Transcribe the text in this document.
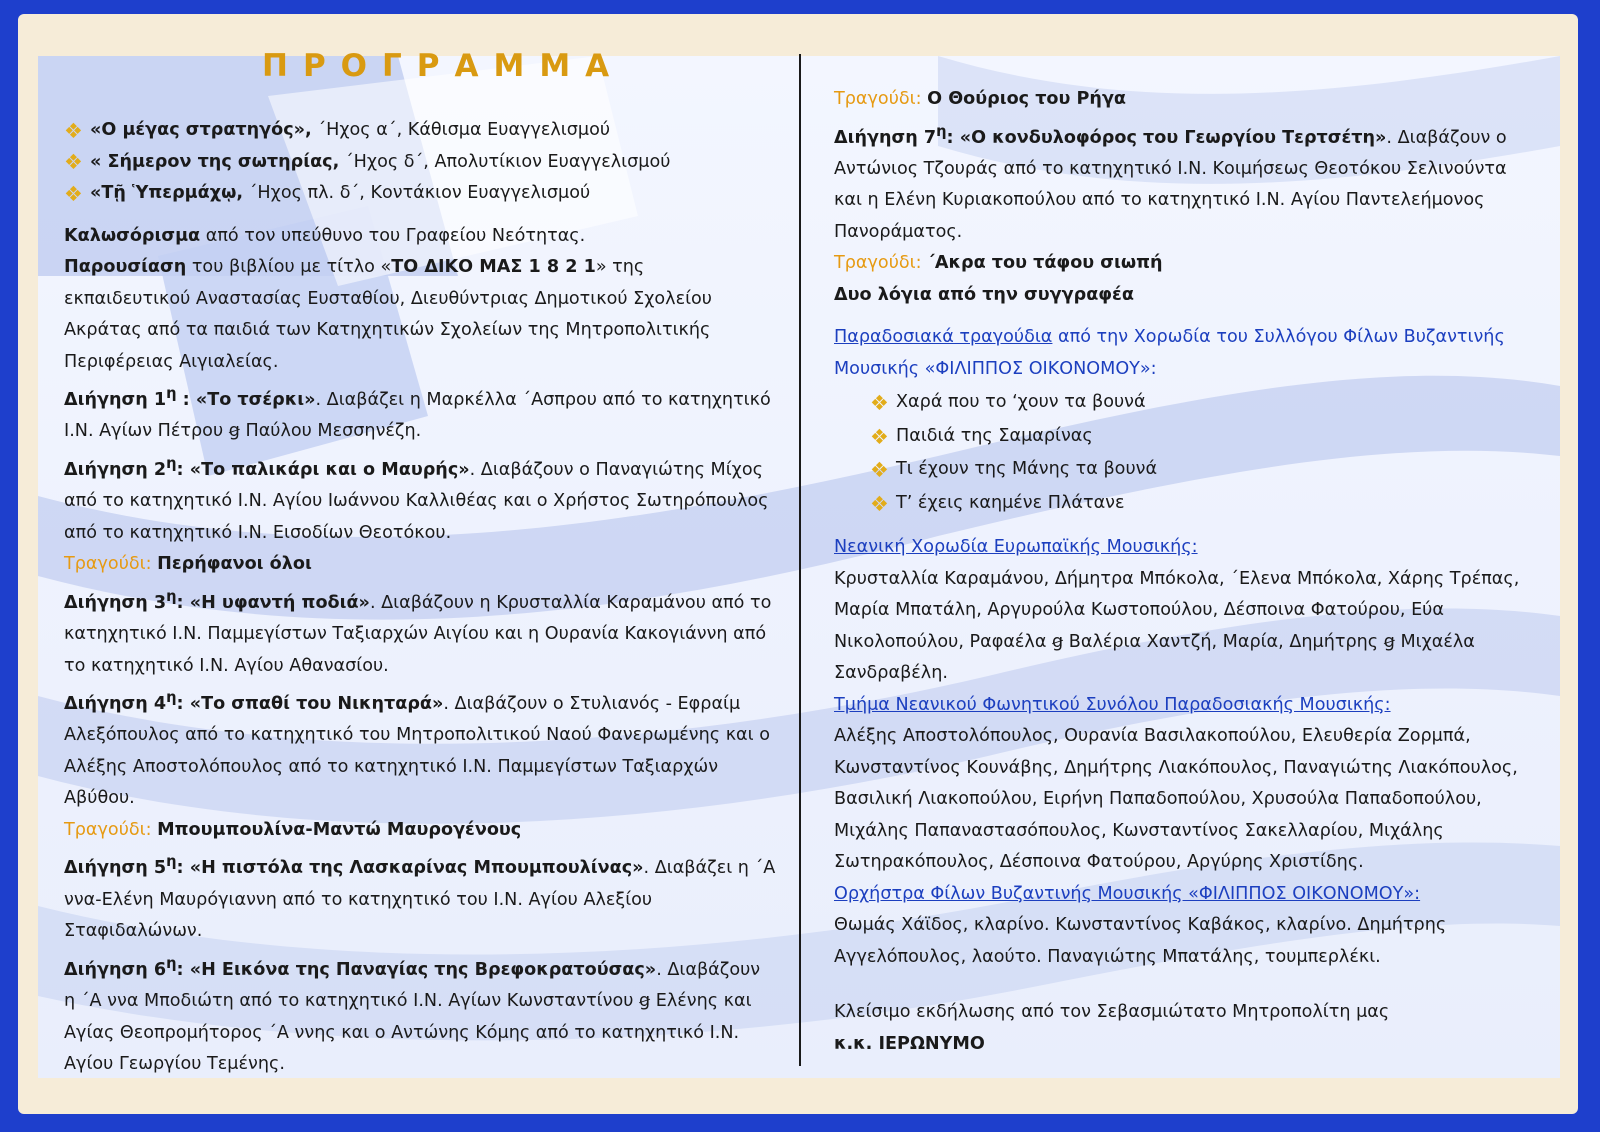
ΠΡΟΓΡΑΜΜΑ
❖ «Ο μέγας στρατηγός», ΄Ηχος α΄, Κάθισμα Ευαγγελισμού
❖ « Σήμερον της σωτηρίας, ΄Ηχος δ΄, Απολυτίκιον Ευαγγελισμού
❖ «Τῇ Ὑπερμάχῳ, ΄Ηχος πλ. δ΄, Κοντάκιον Ευαγγελισμού

Καλωσόρισμα από τον υπεύθυνο του Γραφείου Νεότητας.

Παρουσίαση του βιβλίου με τίτλο «ΤΟ ΔΙΚΟ ΜΑΣ 1 8 2 1» της εκπαιδευτικού Αναστασίας Ευσταθίου, Διευθύντριας Δημοτικού Σχολείου Ακράτας από τα παιδιά των Κατηχητικών Σχολείων της Μητροπολιτικής Περιφέρειας Αιγιαλείας.

Διήγηση $1^\eta$ : «Το τσέρκι». Διαβάζει η Μαρκέλλα ΄Ασπρου από το κατηχητικό Ι.Ν. Αγίων Πέτρου ꞡ Παύλου Μεσσηνέζη.

Διήγηση $2^\eta$: «Το παλικάρι και ο Μαυρής». Διαβάζουν ο Παναγιώτης Μίχος από το κατηχητικό Ι.Ν. Αγίου Ιωάννου Καλλιθέας και ο Χρήστος Σωτηρόπουλος από το κατηχητικό Ι.Ν. Εισοδίων Θεοτόκου.

Τραγούδι: Περήφανοι όλοι

Διήγηση $3^\eta$: «Η υφαντή ποδιά». Διαβάζουν η Κρυσταλλία Καραμάνου από το κατηχητικό Ι.Ν. Παμμεγίστων Ταξιαρχών Αιγίου και η Ουρανία Κακογιάννη από το κατηχητικό Ι.Ν. Αγίου Αθανασίου.

Διήγηση $4^\eta$: «Το σπαθί του Νικηταρά». Διαβάζουν ο Στυλιανός - Εφραίμ Αλεξόπουλος από το κατηχητικό του Μητροπολιτικού Ναού Φανερωμένης και ο Αλέξης Αποστολόπουλος από το κατηχητικό Ι.Ν. Παμμεγίστων Ταξιαρχών Αβύθου.

Τραγούδι: Μπουμπουλίνα-Μαντώ Μαυρογένους

Διήγηση $5^\eta$: «Η πιστόλα της Λασκαρίνας Μπουμπουλίνας». Διαβάζει η ΄Α ννα-Ελένη Μαυρόγιαννη από το κατηχητικό του Ι.Ν. Αγίου Αλεξίου Σταφιδαλώνων.

Διήγηση $6^\eta$: «Η Εικόνα της Παναγίας της Βρεφοκρατούσας». Διαβάζουν η ΄Α ννα Μποδιώτη από το κατηχητικό Ι.Ν. Αγίων Κωνσταντίνου ꞡ Ελένης και Αγίας Θεοπρομήτορος ΄Α ννης και ο Αντώνης Κόμης από το κατηχητικό Ι.Ν. Αγίου Γεωργίου Τεμένης.

Τραγούδι: Ο Θούριος του Ρήγα

Διήγηση $7^\eta$: «Ο κονδυλοφόρος του Γεωργίου Τερτσέτη». Διαβάζουν ο Αντώνιος Τζουράς από το κατηχητικό Ι.Ν. Κοιμήσεως Θεοτόκου Σελινούντα και η Ελένη Κυριακοπούλου από το κατηχητικό Ι.Ν. Αγίου Παντελεήμονος Πανοράματος.

Τραγούδι: ΄Ακρα του τάφου σιωπή

Δυο λόγια από την συγγραφέα

Παραδοσιακά τραγούδια από την Χορωδία του Συλλόγου Φίλων Βυζαντινής Μουσικής «ΦΙΛΙΠΠΟΣ ΟΙΚΟΝΟΜΟΥ»:

❖ Χαρά που το ‘χουν τα βουνά
❖ Παιδιά της Σαμαρίνας
❖ Τι έχουν της Μάνης τα βουνά
❖ Τ’ έχεις καημένε Πλάτανε

Νεανική Χορωδία Ευρωπαϊκής Μουσικής:

Κρυσταλλία Καραμάνου, Δήμητρα Μπόκολα, ΄Ελενα Μπόκολα, Χάρης Τρέπας, Μαρία Μπατάλη, Αργυρούλα Κωστοπούλου, Δέσποινα Φατούρου, Εύα Νικολοπούλου, Ραφαέλα ꞡ Βαλέρια Χαντζή, Μαρία, Δημήτρης ꞡ Μιχαέλα Σανδραβέλη.

Τμήμα Νεανικού Φωνητικού Συνόλου Παραδοσιακής Μουσικής:

Αλέξης Αποστολόπουλος, Ουρανία Βασιλακοπούλου, Ελευθερία Ζορμπά, Κωνσταντίνος Κουνάβης, Δημήτρης Λιακόπουλος, Παναγιώτης Λιακόπουλος, Βασιλική Λιακοπούλου, Ειρήνη Παπαδοπούλου, Χρυσούλα Παπαδοπούλου, Μιχάλης Παπαναστασόπουλος, Κωνσταντίνος Σακελλαρίου, Μιχάλης Σωτηρακόπουλος, Δέσποινα Φατούρου, Αργύρης Χριστίδης.

Ορχήστρα Φίλων Βυζαντινής Μουσικής «ΦΙΛΙΠΠΟΣ ΟΙΚΟΝΟΜΟΥ»:

Θωμάς Χάϊδος, κλαρίνο. Κωνσταντίνος Καβάκος, κλαρίνο. Δημήτρης Αγγελόπουλος, λαούτο. Παναγιώτης Μπατάλης, τουμπερλέκι.

Κλείσιμο εκδήλωσης από τον Σεβασμιώτατο Μητροπολίτη μας

κ.κ. ΙΕΡΩΝΥΜΟ
